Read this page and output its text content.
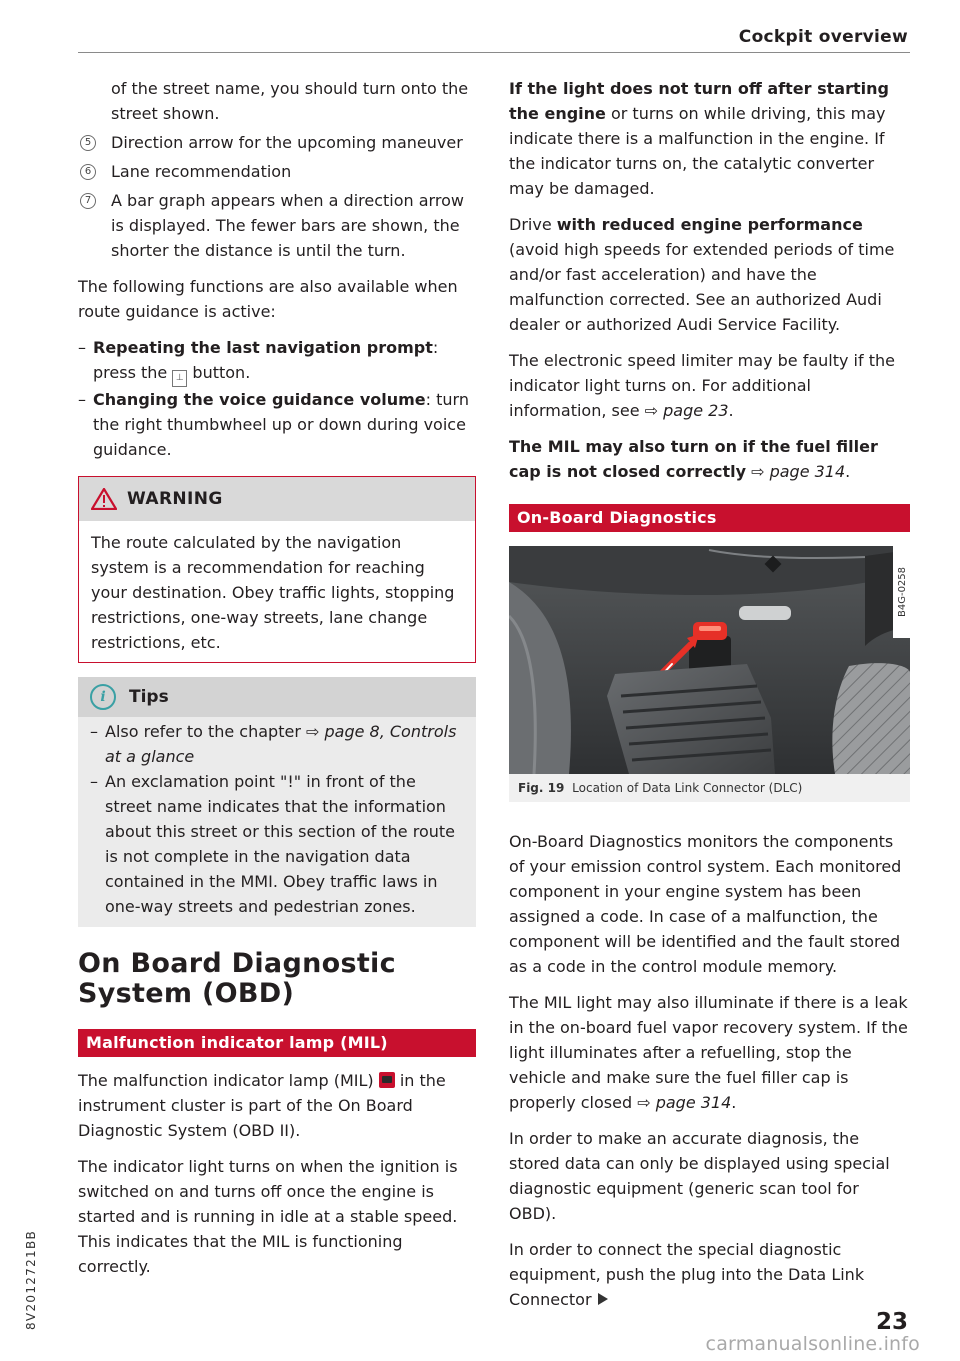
Cockpit overview

of the street name, you should turn onto the street shown.

5	Direction arrow for the upcoming maneuver
6	Lane recommendation
7	A bar graph appears when a direction arrow is displayed. The fewer bars are shown, the shorter the distance is until the turn.

The following functions are also available when route guidance is active:

– Repeating the last navigation prompt: press the ⊥ button.
– Changing the voice guidance volume: turn the right thumbwheel up or down during voice guidance.
WARNING
The route calculated by the navigation system is a recommendation for reaching your destination. Obey traffic lights, stopping restrictions, one-way streets, lane change restrictions, etc.
i	Tips
– Also refer to the chapter ⇨ page 8, Controls at a glance
– An exclamation point "!" in front of the street name indicates that the information about this street or this section of the route is not complete in the navigation data contained in the MMI. Obey traffic laws in one-way streets and pedestrian zones.
On Board Diagnostic System (OBD)
Malfunction indicator lamp (MIL)

The malfunction indicator lamp (MIL)  in the instrument cluster is part of the On Board Diagnostic System (OBD II).

The indicator light turns on when the ignition is switched on and turns off once the engine is started and is running in idle at a stable speed. This indicates that the MIL is functioning correctly.

If the light does not turn off after starting the engine or turns on while driving, this may indicate there is a malfunction in the engine. If the indicator turns on, the catalytic converter may be damaged.

Drive with reduced engine performance (avoid high speeds for extended periods of time and/or fast acceleration) and have the malfunction corrected. See an authorized Audi dealer or authorized Audi Service Facility.

The electronic speed limiter may be faulty if the indicator light turns on. For additional information, see ⇨ page 23.

The MIL may also turn on if the fuel filler cap is not closed correctly ⇨ page 314.

On-Board Diagnostics
B4G-0258
Fig. 19 Location of Data Link Connector (DLC)

On-Board Diagnostics monitors the components of your emission control system. Each monitored component in your engine system has been assigned a code. In case of a malfunction, the component will be identified and the fault stored as a code in the control module memory.

The MIL light may also illuminate if there is a leak in the on-board fuel vapor recovery system. If the light illuminates after a refuelling, stop the vehicle and make sure the fuel filler cap is properly closed ⇨ page 314.

In order to make an accurate diagnosis, the stored data can only be displayed using special diagnostic equipment (generic scan tool for OBD).

In order to connect the special diagnostic equipment, push the plug into the Data Link Connector

8V2012721BB	23
carmanualsonline.info
